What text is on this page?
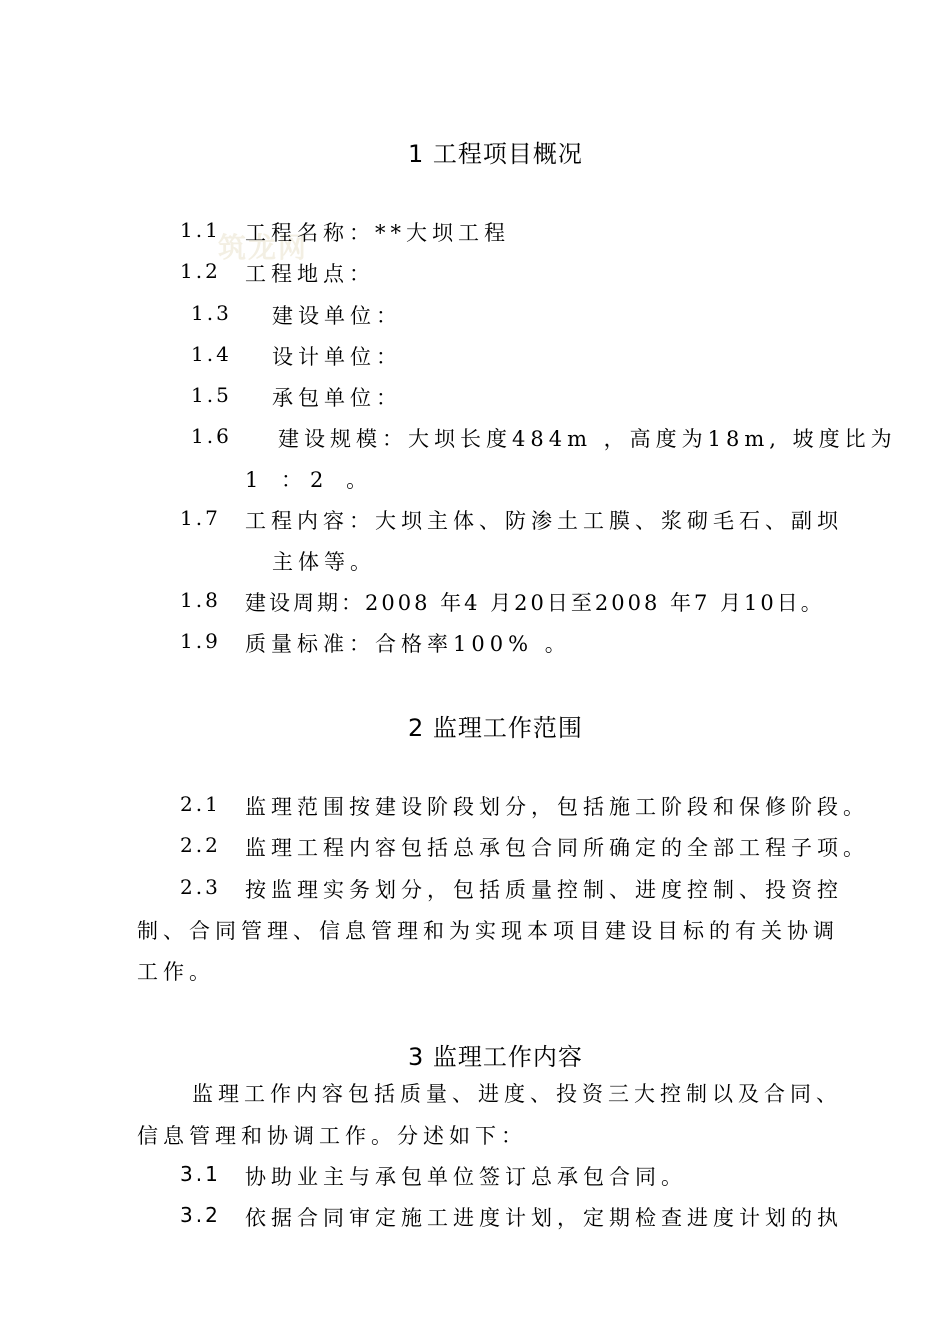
筑龙网
1 工程项目概况
1.1 工程名称：**大坝工程
1.2 工程地点：
1.3 建设单位：
1.4 设计单位：
1.5 承包单位：
1.6 建设规模：大坝长度484m ，高度为18m, 坡度比为
1 ：2 。
1.7 工程内容：大坝主体、防渗土工膜、浆砌毛石、副坝
主体等。
1.8 建设周期：2008 年4 月20日至2008 年7 月10日。
1.9 质量标准：合格率100% 。
2 监理工作范围
2.1 监理范围按建设阶段划分，包括施工阶段和保修阶段。
2.2 监理工程内容包括总承包合同所确定的全部工程子项。
2.3 按监理实务划分，包括质量控制、进度控制、投资控
制、合同管理、信息管理和为实现本项目建设目标的有关协调
工作。
3 监理工作内容
监理工作内容包括质量、进度、投资三大控制以及合同、
信息管理和协调工作。分述如下：
3.1 协助业主与承包单位签订总承包合同。
3.2 依据合同审定施工进度计划，定期检查进度计划的执
